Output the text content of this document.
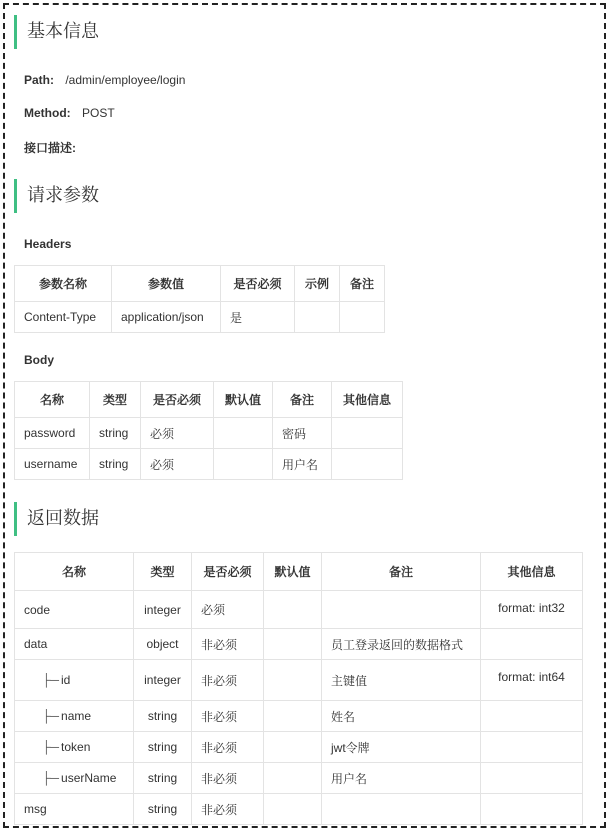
基本信息
Path: /admin/employee/login
Method: POST
接口描述:
请求参数
Headers
参数名称	参数值	是否必须	示例	备注
Content-Type	application/json	是		
Body
名称	类型	是否必须	默认值	备注	其他信息
password	string	必须		密码	
username	string	必须		用户名	
返回数据
名称	类型	是否必须	默认值	备注	其他信息
code	integer	必须			format: int32
data	object	非必须		员工登录返回的数据格式	
├─ id	integer	非必须		主键值	format: int64
├─ name	string	非必须		姓名	
├─ token	string	非必须		jwt令牌	
├─ userName	string	非必须		用户名	
msg	string	非必须			
